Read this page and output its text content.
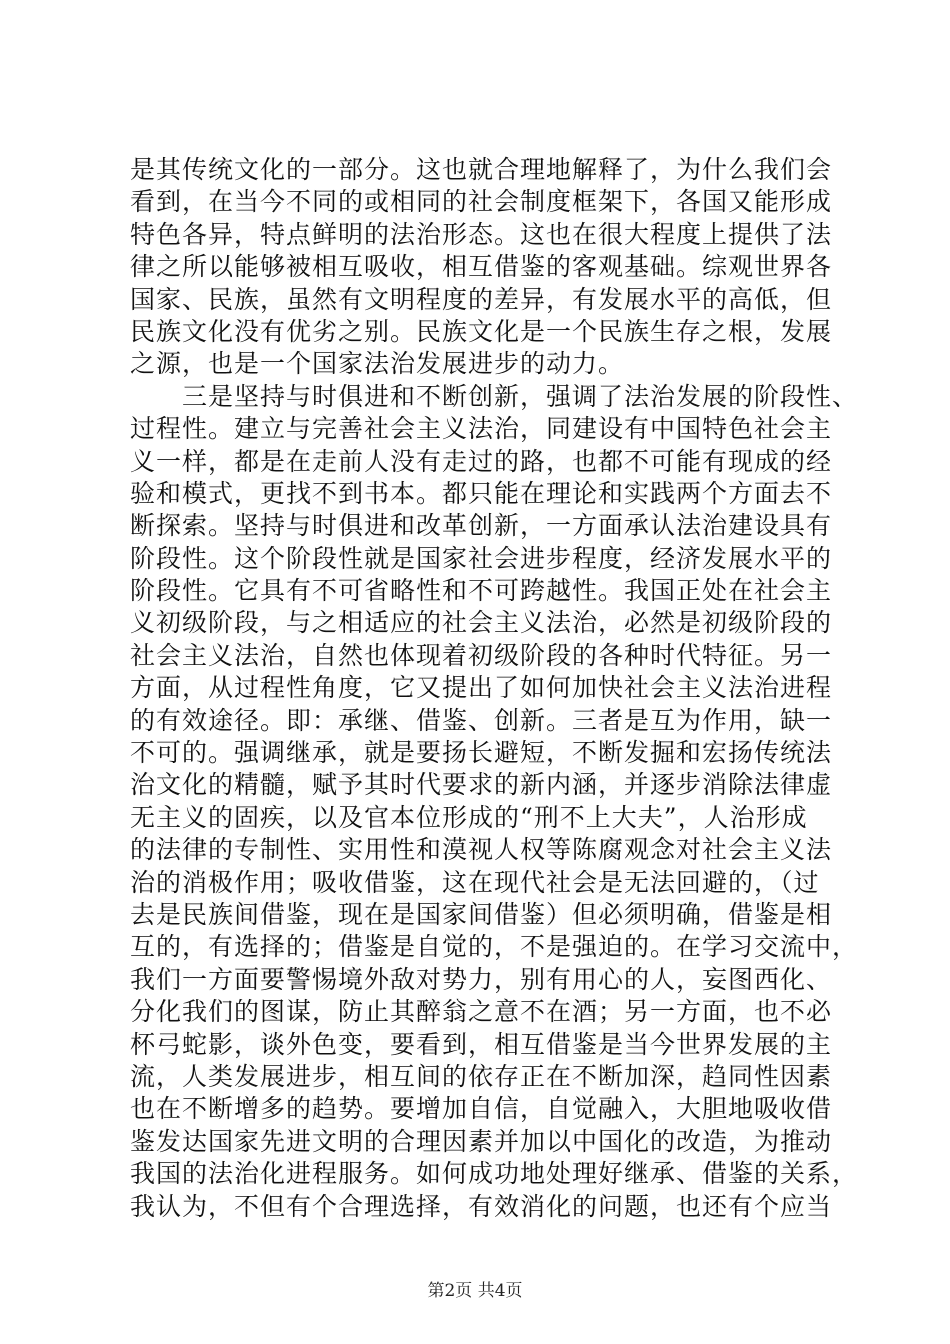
是其传统文化的一部分。这也就合理地解释了，为什么我们会
看到，在当今不同的或相同的社会制度框架下，各国又能形成
特色各异，特点鲜明的法治形态。这也在很大程度上提供了法
律之所以能够被相互吸收，相互借鉴的客观基础。综观世界各
国家、民族，虽然有文明程度的差异，有发展水平的高低，但
民族文化没有优劣之别。民族文化是一个民族生存之根，发展
之源，也是一个国家法治发展进步的动力。
三是坚持与时俱进和不断创新，强调了法治发展的阶段性、
过程性。建立与完善社会主义法治，同建设有中国特色社会主
义一样，都是在走前人没有走过的路，也都不可能有现成的经
验和模式，更找不到书本。都只能在理论和实践两个方面去不
断探索。坚持与时俱进和改革创新，一方面承认法治建设具有
阶段性。这个阶段性就是国家社会进步程度，经济发展水平的
阶段性。它具有不可省略性和不可跨越性。我国正处在社会主
义初级阶段，与之相适应的社会主义法治，必然是初级阶段的
社会主义法治，自然也体现着初级阶段的各种时代特征。另一
方面，从过程性角度，它又提出了如何加快社会主义法治进程
的有效途径。即：承继、借鉴、创新。三者是互为作用，缺一
不可的。强调继承，就是要扬长避短，不断发掘和宏扬传统法
治文化的精髓，赋予其时代要求的新内涵，并逐步消除法律虚
无主义的固疾，以及官本位形成的“刑不上大夫”，人治形成
的法律的专制性、实用性和漠视人权等陈腐观念对社会主义法
治的消极作用；吸收借鉴，这在现代社会是无法回避的，（过
去是民族间借鉴，现在是国家间借鉴）但必须明确，借鉴是相
互的，有选择的；借鉴是自觉的，不是强迫的。在学习交流中，
我们一方面要警惕境外敌对势力，别有用心的人，妄图西化、
分化我们的图谋，防止其醉翁之意不在酒；另一方面，也不必
杯弓蛇影，谈外色变，要看到，相互借鉴是当今世界发展的主
流，人类发展进步，相互间的依存正在不断加深，趋同性因素
也在不断增多的趋势。要增加自信，自觉融入，大胆地吸收借
鉴发达国家先进文明的合理因素并加以中国化的改造，为推动
我国的法治化进程服务。如何成功地处理好继承、借鉴的关系，
我认为，不但有个合理选择，有效消化的问题，也还有个应当
第2页 共4页
